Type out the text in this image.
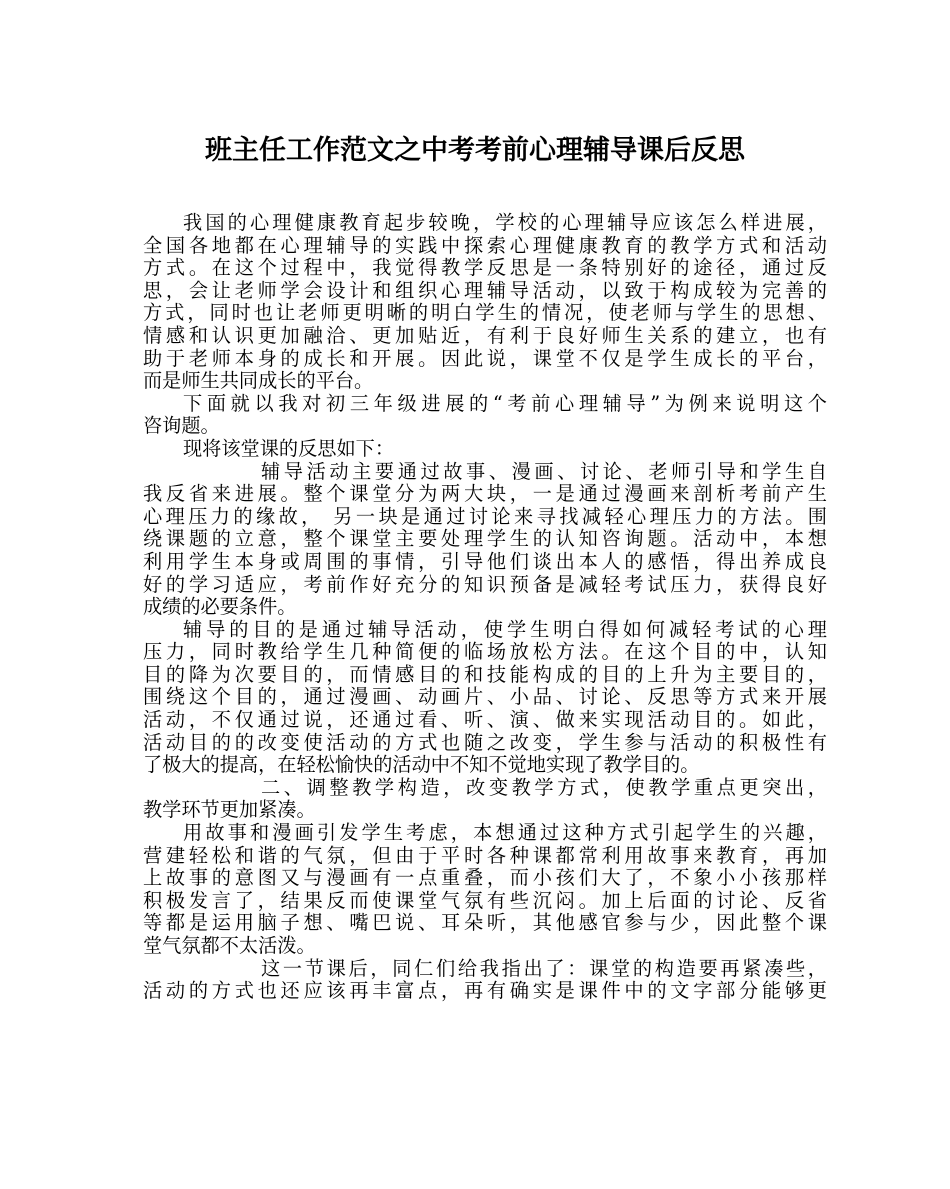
班主任工作范文之中考考前心理辅导课后反思
我国的心理健康教育起步较晚，学校的心理辅导应该怎么样进展，
全国各地都在心理辅导的实践中探索心理健康教育的教学方式和活动
方式。在这个过程中，我觉得教学反思是一条特别好的途径，通过反
思，会让老师学会设计和组织心理辅导活动，以致于构成较为完善的
方式，同时也让老师更明晰的明白学生的情况，使老师与学生的思想、
情感和认识更加融洽、更加贴近，有利于良好师生关系的建立，也有
助于老师本身的成长和开展。因此说，课堂不仅是学生成长的平台，
而是师生共同成长的平台。
下面就以我对初三年级进展的“考前心理辅导”为例来说明这个
咨询题。
现将该堂课的反思如下：
辅导活动主要通过故事、漫画、讨论、老师引导和学生自
我反省来进展。整个课堂分为两大块，一是通过漫画来剖析考前产生
心理压力的缘故， 另一块是通过讨论来寻找减轻心理压力的方法。围
绕课题的立意，整个课堂主要处理学生的认知咨询题。活动中，本想
利用学生本身或周围的事情，引导他们谈出本人的感悟，得出养成良
好的学习适应，考前作好充分的知识预备是减轻考试压力，获得良好
成绩的必要条件。
辅导的目的是通过辅导活动，使学生明白得如何减轻考试的心理
压力，同时教给学生几种简便的临场放松方法。在这个目的中，认知
目的降为次要目的，而情感目的和技能构成的目的上升为主要目的，
围绕这个目的，通过漫画、动画片、小品、讨论、反思等方式来开展
活动，不仅通过说，还通过看、听、演、做来实现活动目的。如此，
活动目的的改变使活动的方式也随之改变，学生参与活动的积极性有
了极大的提高，在轻松愉快的活动中不知不觉地实现了教学目的。
二、调整教学构造，改变教学方式，使教学重点更突出，
教学环节更加紧凑。
用故事和漫画引发学生考虑，本想通过这种方式引起学生的兴趣，
营建轻松和谐的气氛，但由于平时各种课都常利用故事来教育，再加
上故事的意图又与漫画有一点重叠，而小孩们大了，不象小小孩那样
积极发言了，结果反而使课堂气氛有些沉闷。加上后面的讨论、反省
等都是运用脑子想、嘴巴说、耳朵听，其他感官参与少，因此整个课
堂气氛都不太活泼。
这一节课后，同仁们给我指出了：课堂的构造要再紧凑些，
活动的方式也还应该再丰富点，再有确实是课件中的文字部分能够更
